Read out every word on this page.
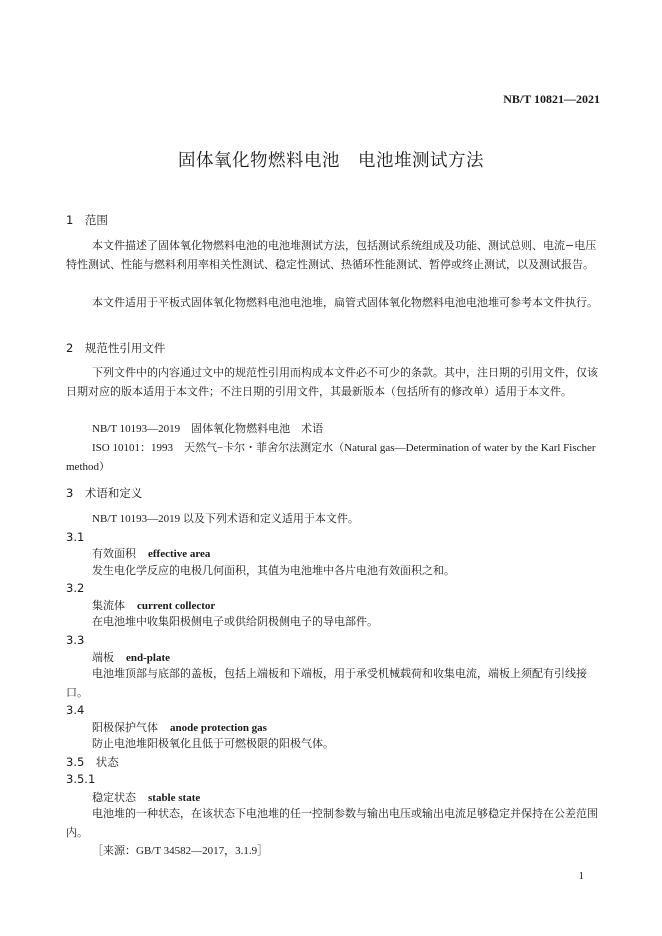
NB/T 10821—2021
固体氧化物燃料电池　电池堆测试方法
1　范围
本文件描述了固体氧化物燃料电池的电池堆测试方法，包括测试系统组成及功能、测试总则、电流−电压特性测试、性能与燃料利用率相关性测试、稳定性测试、热循环性能测试、暂停或终止测试，以及测试报告。
本文件适用于平板式固体氧化物燃料电池电池堆，扁管式固体氧化物燃料电池电池堆可参考本文件执行。
2　规范性引用文件
下列文件中的内容通过文中的规范性引用而构成本文件必不可少的条款。其中，注日期的引用文件，仅该日期对应的版本适用于本文件；不注日期的引用文件，其最新版本（包括所有的修改单）适用于本文件。
NB/T 10193—2019　固体氧化物燃料电池　术语
ISO 10101：1993　天然气−卡尔・菲舍尔法测定水（Natural gas—Determination of water by the Karl Fischer method）
3　术语和定义
NB/T 10193—2019 以及下列术语和定义适用于本文件。
3.1
有效面积 effective area
发生电化学反应的电极几何面积，其值为电池堆中各片电池有效面积之和。
3.2
集流体 current collector
在电池堆中收集阳极侧电子或供给阴极侧电子的导电部件。
3.3
端板 end-plate
电池堆顶部与底部的盖板，包括上端板和下端板，用于承受机械载荷和收集电流，端板上须配有引线接口。
3.4
阳极保护气体 anode protection gas
防止电池堆阳极氧化且低于可燃极限的阳极气体。
3.5　状态
3.5.1
稳定状态 stable state
电池堆的一种状态，在该状态下电池堆的任一控制参数与输出电压或输出电流足够稳定并保持在公差范围内。
［来源：GB/T 34582—2017，3.1.9］
1
